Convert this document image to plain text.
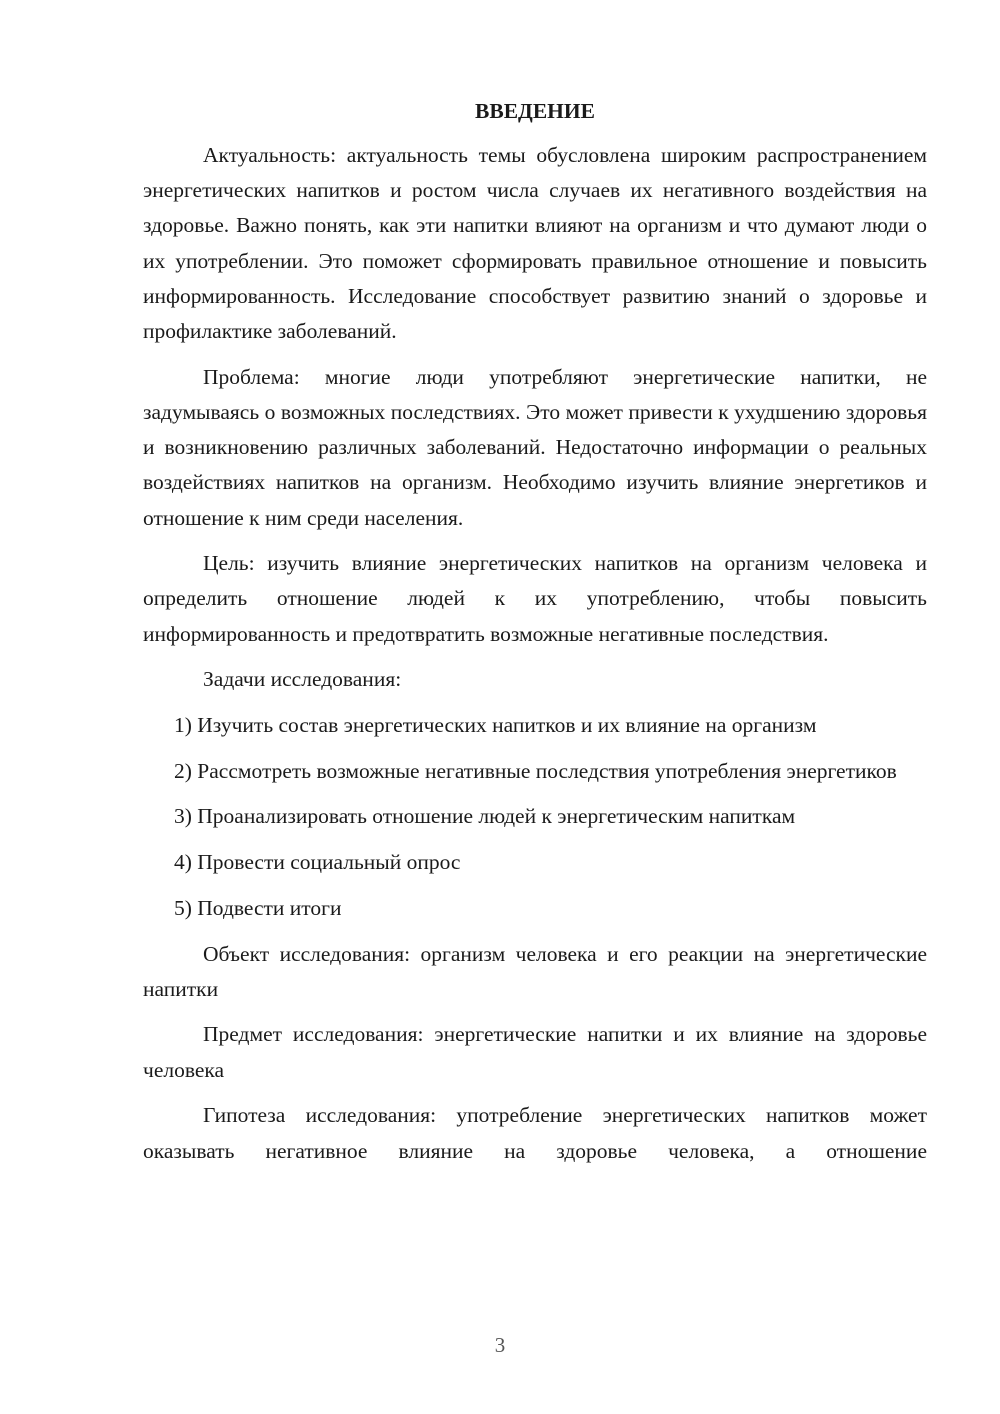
ВВЕДЕНИЕ

Актуальность: актуальность темы обусловлена широким распространением энергетических напитков и ростом числа случаев их негативного воздействия на здоровье. Важно понять, как эти напитки влияют на организм и что думают люди о их употреблении. Это поможет сформировать правильное отношение и повысить информированность. Исследование способствует развитию знаний о здоровье и профилактике заболеваний.

Проблема: многие люди употребляют энергетические напитки, не задумываясь о возможных последствиях. Это может привести к ухудшению здоровья и возникновению различных заболеваний. Недостаточно информации о реальных воздействиях напитков на организм. Необходимо изучить влияние энергетиков и отношение к ним среди населения.

Цель: изучить влияние энергетических напитков на организм человека и определить отношение людей к их употреблению, чтобы повысить информированность и предотвратить возможные негативные последствия.

Задачи исследования:

1) Изучить состав энергетических напитков и их влияние на организм

2) Рассмотреть возможные негативные последствия употребления энергетиков

3) Проанализировать отношение людей к энергетическим напиткам

4) Провести социальный опрос

5) Подвести итоги

Объект исследования: организм человека и его реакции на энергетические напитки

Предмет исследования: энергетические напитки и их влияние на здоровье человека

Гипотеза исследования: употребление энергетических напитков может оказывать негативное влияние на здоровье человека, а отношение

3
